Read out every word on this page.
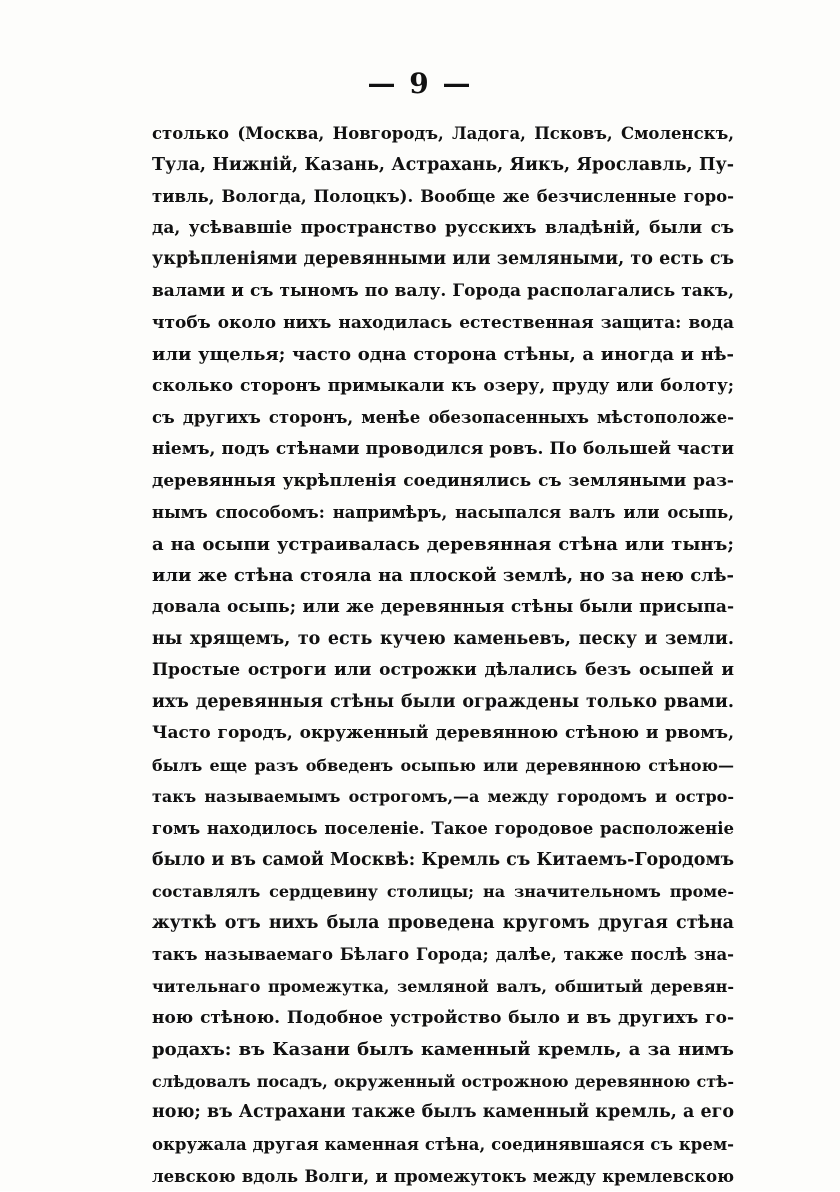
— 9 —
столько (Москва, Новгородъ, Ладога, Псковъ, Смоленскъ,
Тула, Нижній, Казань, Астрахань, Яикъ, Ярославль, Пу-
тивль, Вологда, Полоцкъ). Вообще же безчисленные горо-
да, усѣвавшіе пространство русскихъ владѣній, были съ
укрѣпленіями деревянными или земляными, то есть съ
валами и съ тыномъ по валу. Города располагались такъ,
чтобъ около нихъ находилась естественная защита: вода
или ущелья; часто одна сторона стѣны, а иногда и нѣ-
сколько сторонъ примыкали къ озеру, пруду или болоту;
съ другихъ сторонъ, менѣе обезопасенныхъ мѣстоположе-
ніемъ, подъ стѣнами проводился ровъ. По большей части
деревянныя укрѣпленія соединялись съ земляными раз-
нымъ способомъ: напримѣръ, насыпался валъ или осыпь,
а на осыпи устраивалась деревянная стѣна или тынъ;
или же стѣна стояла на плоской землѣ, но за нею слѣ-
довала осыпь; или же деревянныя стѣны были присыпа-
ны хрящемъ, то есть кучею каменьевъ, песку и земли.
Простые остроги или острожки дѣлались безъ осыпей и
ихъ деревянныя стѣны были ограждены только рвами.
Часто городъ, окруженный деревянною стѣною и рвомъ,
былъ еще разъ обведенъ осыпью или деревянною стѣною—
такъ называемымъ острогомъ,—а между городомъ и остро-
гомъ находилось поселеніе. Такое городовое расположеніе
было и въ самой Москвѣ: Кремль съ Китаемъ-Городомъ
составлялъ сердцевину столицы; на значительномъ проме-
жуткѣ отъ нихъ была проведена кругомъ другая стѣна
такъ называемаго Бѣлаго Города; далѣе, также послѣ зна-
чительнаго промежутка, земляной валъ, обшитый деревян-
ною стѣною. Подобное устройство было и въ другихъ го-
родахъ: въ Казани былъ каменный кремль, а за нимъ
слѣдовалъ посадъ, окруженный острожною деревянною стѣ-
ною; въ Астрахани также былъ каменный кремль, а его
окружала другая каменная стѣна, соединявшаяся съ крем-
левскою вдоль Волги, и промежутокъ между кремлевскою
